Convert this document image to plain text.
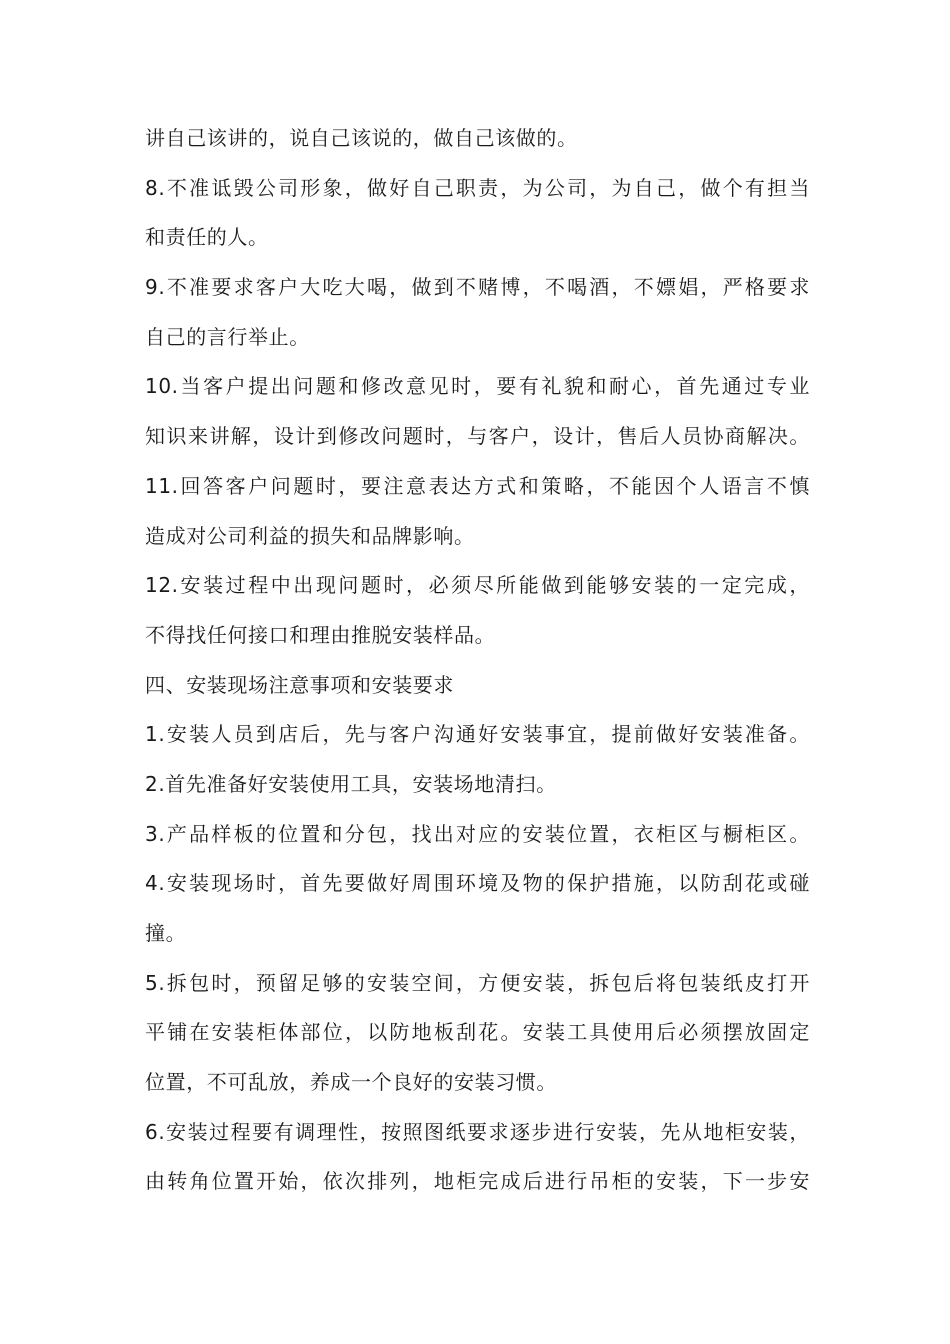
讲自己该讲的，说自己该说的，做自己该做的。

8.不准诋毁公司形象，做好自己职责，为公司，为自己，做个有担当

和责任的人。

9.不准要求客户大吃大喝，做到不赌博，不喝酒，不嫖娼，严格要求

自己的言行举止。

10.当客户提出问题和修改意见时，要有礼貌和耐心，首先通过专业

知识来讲解，设计到修改问题时，与客户，设计，售后人员协商解决。

11.回答客户问题时，要注意表达方式和策略，不能因个人语言不慎

造成对公司利益的损失和品牌影响。

12.安装过程中出现问题时，必须尽所能做到能够安装的一定完成，

不得找任何接口和理由推脱安装样品。

四、安装现场注意事项和安装要求

1.安装人员到店后，先与客户沟通好安装事宜，提前做好安装准备。

2.首先准备好安装使用工具，安装场地清扫。

3.产品样板的位置和分包，找出对应的安装位置，衣柜区与橱柜区。

4.安装现场时，首先要做好周围环境及物的保护措施，以防刮花或碰

撞。

5.拆包时，预留足够的安装空间，方便安装，拆包后将包装纸皮打开

平铺在安装柜体部位，以防地板刮花。安装工具使用后必须摆放固定

位置，不可乱放，养成一个良好的安装习惯。

6.安装过程要有调理性，按照图纸要求逐步进行安装，先从地柜安装，

由转角位置开始，依次排列，地柜完成后进行吊柜的安装，下一步安
